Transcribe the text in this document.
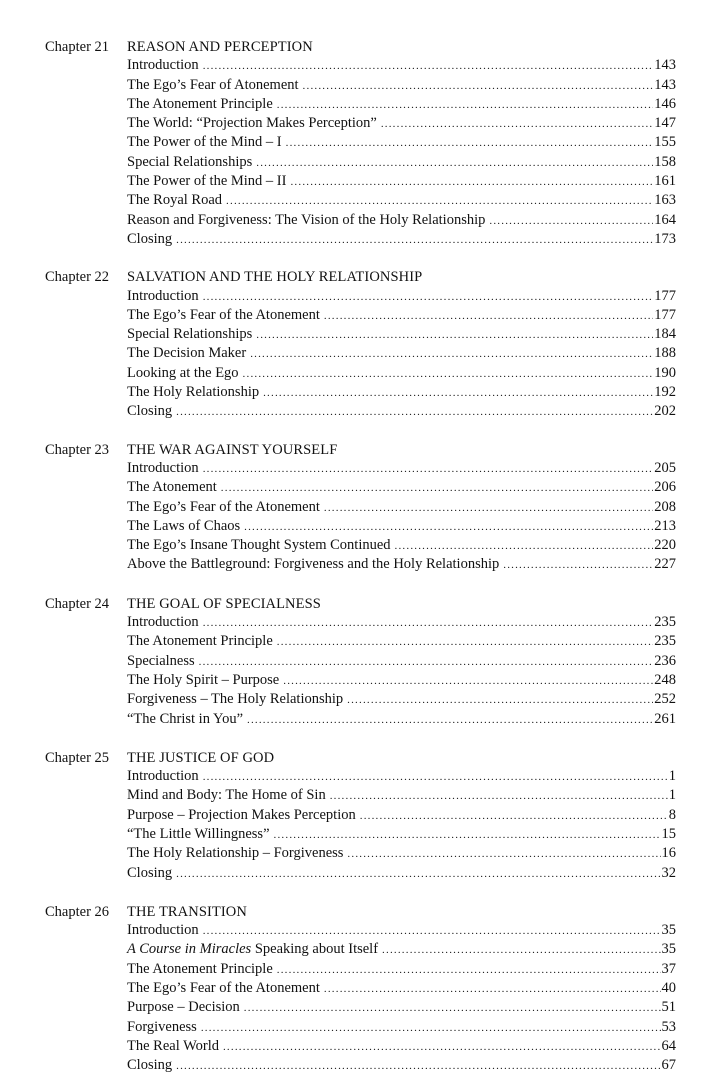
Chapter 21 REASON AND PERCEPTION
Introduction .....	143
The Ego’s Fear of Atonement .....	143
The Atonement Principle .....	146
The World: “Projection Makes Perception” .....	147
The Power of the Mind – I .....	155
Special Relationships .....	158
The Power of the Mind – II .....	161
The Royal Road .....	163
Reason and Forgiveness: The Vision of the Holy Relationship .....	164
Closing .....	173
Chapter 22 SALVATION AND THE HOLY RELATIONSHIP
Introduction .....	177
The Ego’s Fear of the Atonement .....	177
Special Relationships .....	184
The Decision Maker .....	188
Looking at the Ego .....	190
The Holy Relationship .....	192
Closing .....	202
Chapter 23 THE WAR AGAINST YOURSELF
Introduction .....	205
The Atonement .....	206
The Ego’s Fear of the Atonement .....	208
The Laws of Chaos .....	213
The Ego’s Insane Thought System Continued .....	220
Above the Battleground: Forgiveness and the Holy Relationship .....	227
Chapter 24 THE GOAL OF SPECIALNESS
Introduction .....	235
The Atonement Principle .....	235
Specialness .....	236
The Holy Spirit – Purpose .....	248
Forgiveness – The Holy Relationship .....	252
“The Christ in You” .....	261
Chapter 25 THE JUSTICE OF GOD
Introduction .....	1
Mind and Body: The Home of Sin .....	1
Purpose – Projection Makes Perception .....	8
“The Little Willingness” .....	15
The Holy Relationship – Forgiveness .....	16
Closing .....	32
Chapter 26 THE TRANSITION
Introduction .....	35
A Course in Miracles Speaking about Itself .....	35
The Atonement Principle .....	37
The Ego’s Fear of the Atonement .....	40
Purpose – Decision .....	51
Forgiveness .....	53
The Real World .....	64
Closing .....	67
